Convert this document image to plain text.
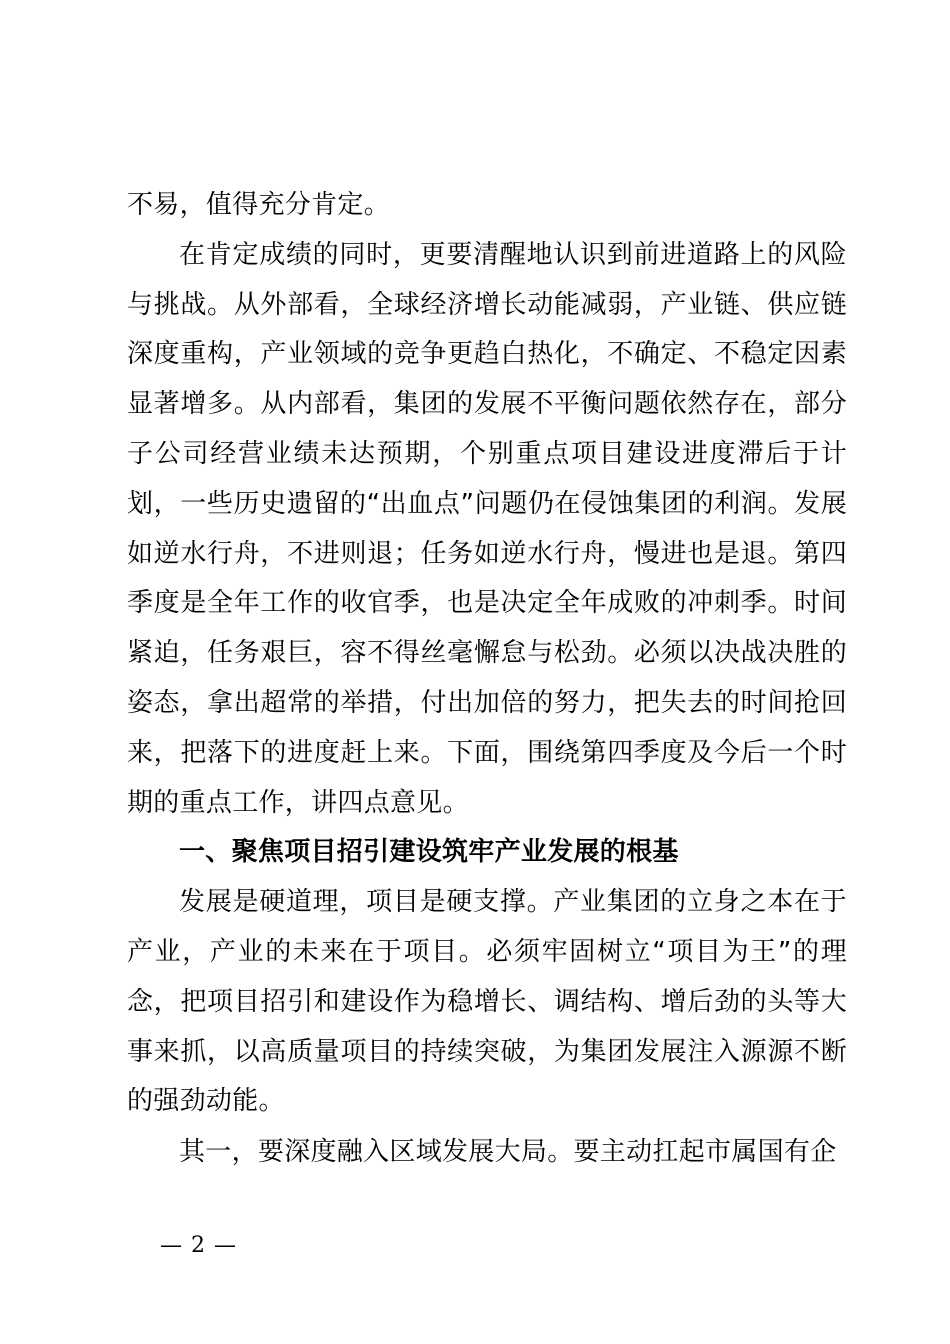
不易，值得充分肯定。

在肯定成绩的同时，更要清醒地认识到前进道路上的风险与挑战。从外部看，全球经济增长动能减弱，产业链、供应链深度重构，产业领域的竞争更趋白热化，不确定、不稳定因素显著增多。从内部看，集团的发展不平衡问题依然存在，部分子公司经营业绩未达预期，个别重点项目建设进度滞后于计划，一些历史遗留的“出血点”问题仍在侵蚀集团的利润。发展如逆水行舟，不进则退；任务如逆水行舟，慢进也是退。第四季度是全年工作的收官季，也是决定全年成败的冲刺季。时间紧迫，任务艰巨，容不得丝毫懈怠与松劲。必须以决战决胜的姿态，拿出超常的举措，付出加倍的努力，把失去的时间抢回来，把落下的进度赶上来。下面，围绕第四季度及今后一个时期的重点工作，讲四点意见。

一、聚焦项目招引建设筑牢产业发展的根基

发展是硬道理，项目是硬支撑。产业集团的立身之本在于产业，产业的未来在于项目。必须牢固树立“项目为王”的理念，把项目招引和建设作为稳增长、调结构、增后劲的头等大事来抓，以高质量项目的持续突破，为集团发展注入源源不断的强劲动能。

其一，要深度融入区域发展大局。要主动扛起市属国有企

— 2 —
